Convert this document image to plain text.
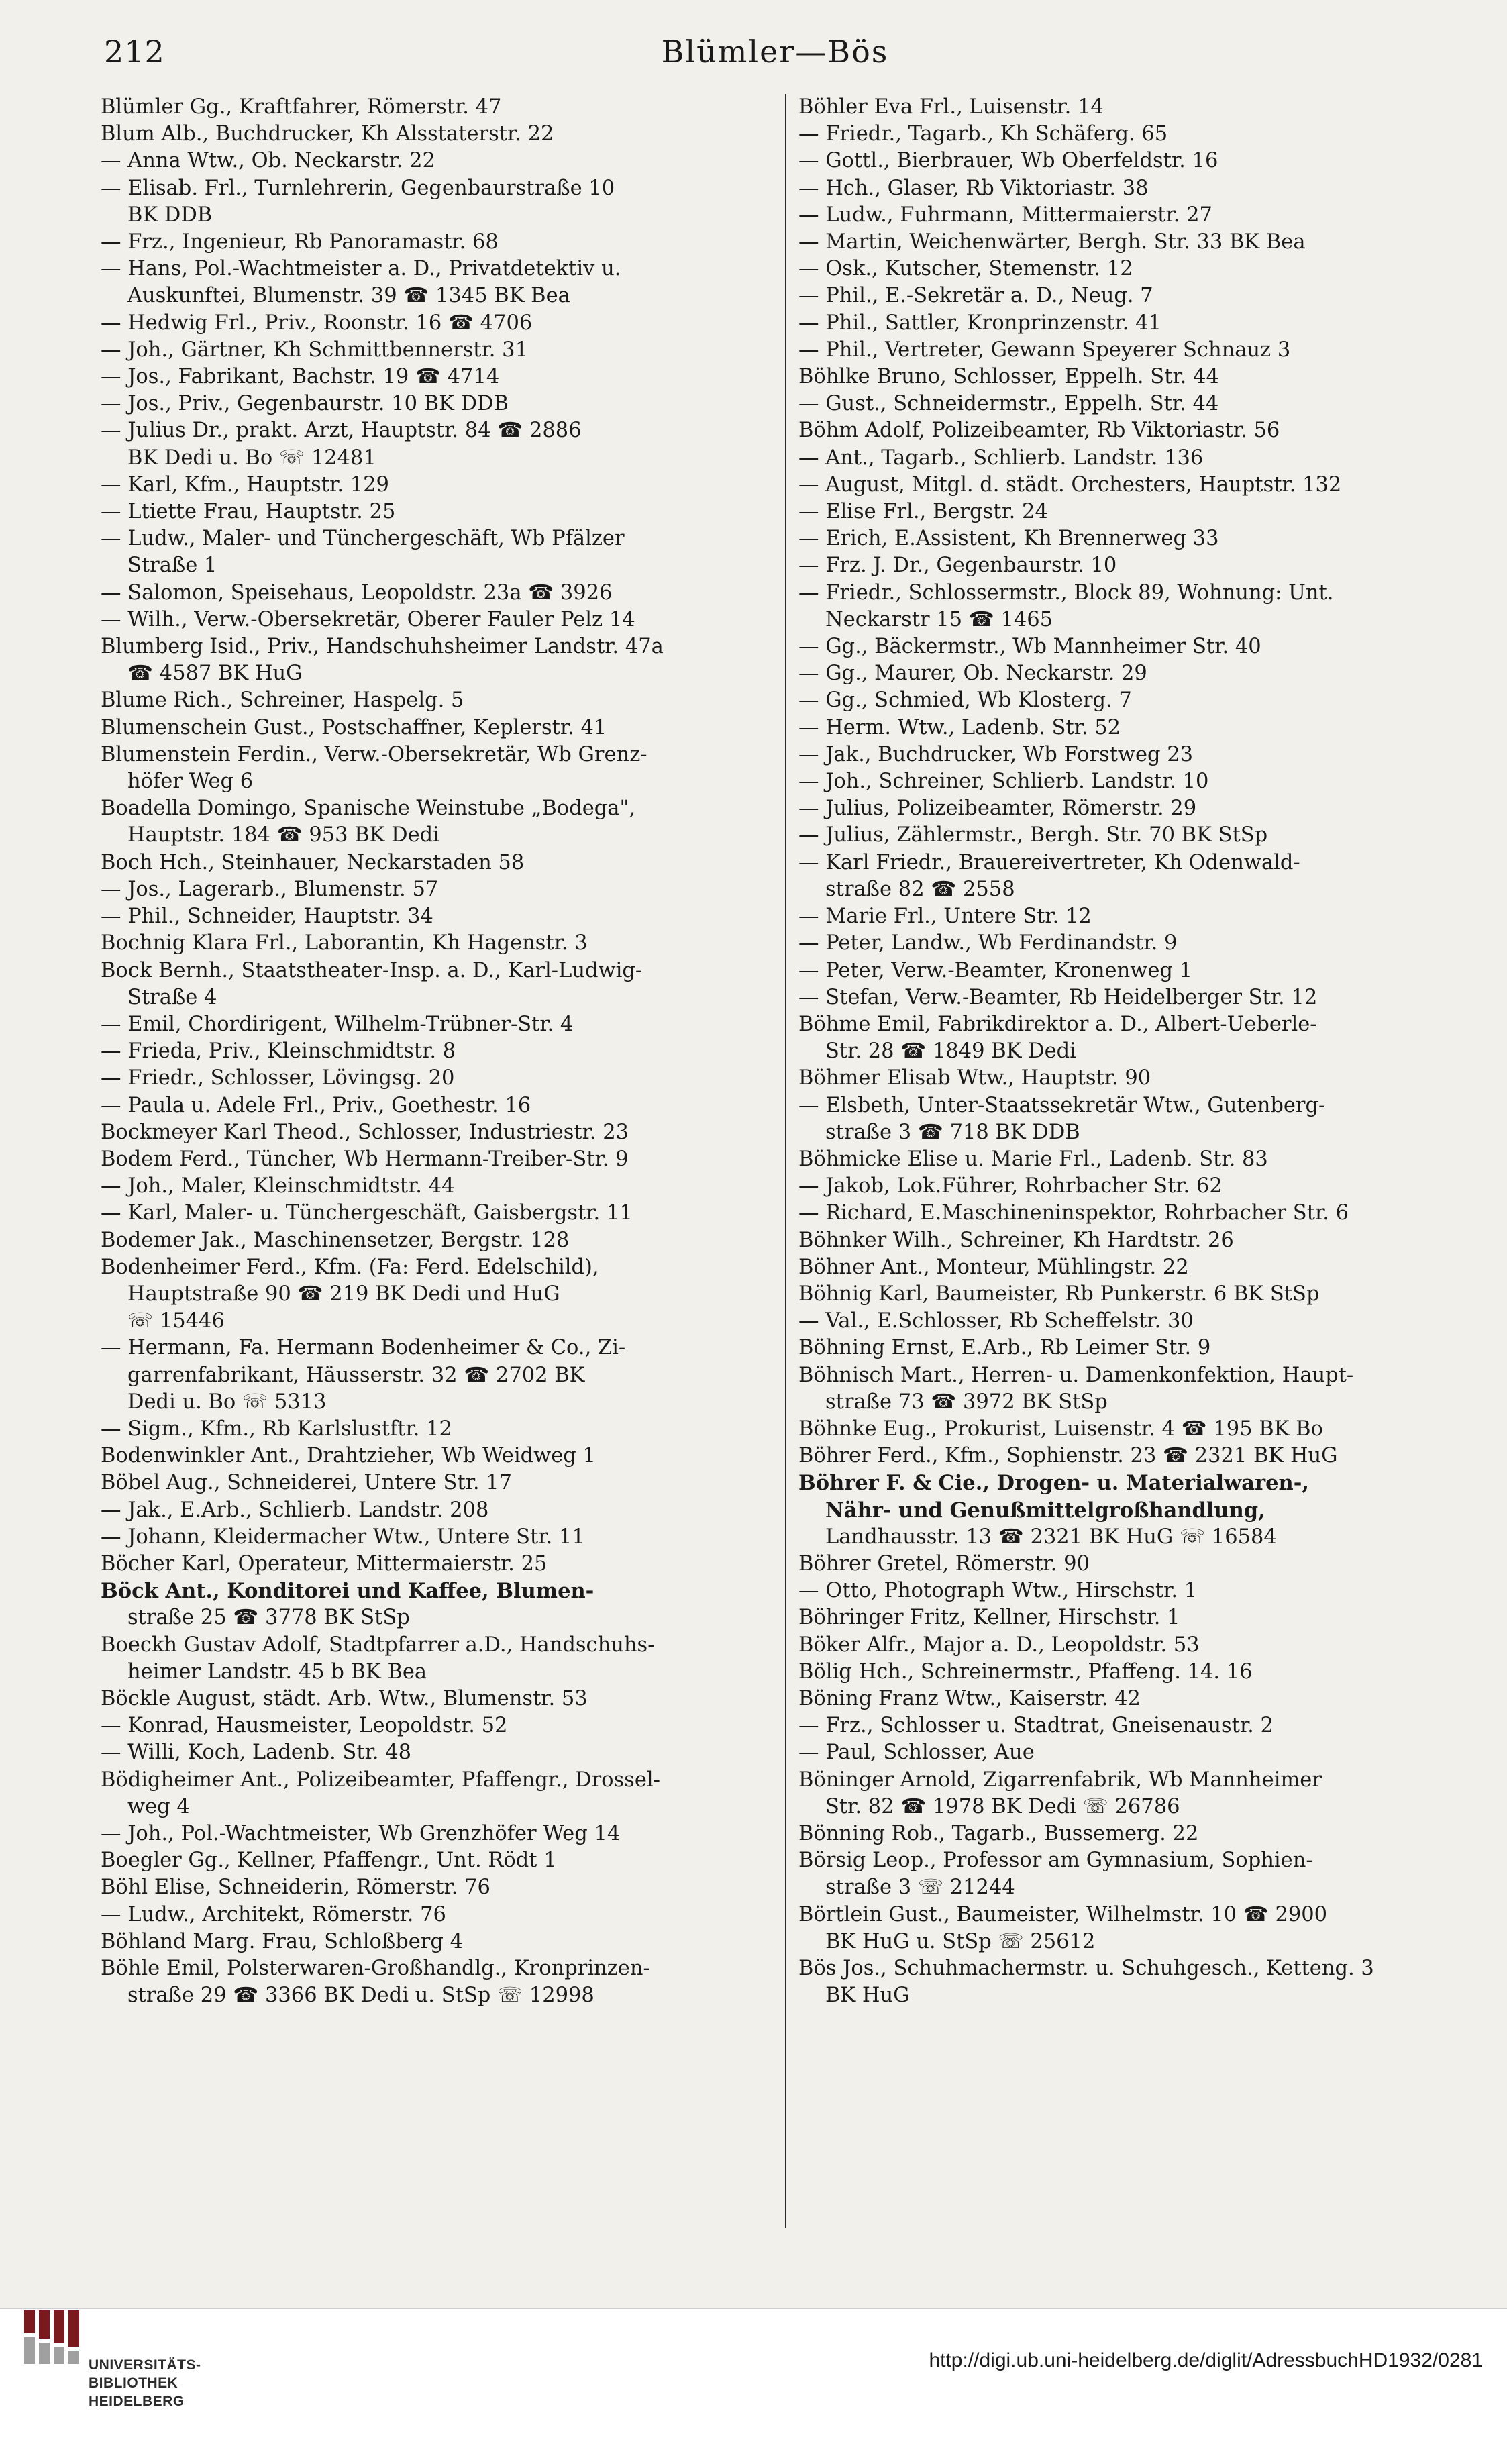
212	Blümler—Bös
Blümler Gg., Kraftfahrer, Römerstr. 47
Blum Alb., Buchdrucker, Kh Alsstaterstr. 22
— Anna Wtw., Ob. Neckarstr. 22
— Elisab. Frl., Turnlehrerin, Gegenbaurstraße 10
BK DDB
— Frz., Ingenieur, Rb Panoramastr. 68
— Hans, Pol.-Wachtmeister a. D., Privatdetektiv u.
Auskunftei, Blumenstr. 39 ☎ 1345 BK Bea
— Hedwig Frl., Priv., Roonstr. 16 ☎ 4706
— Joh., Gärtner, Kh Schmittbennerstr. 31
— Jos., Fabrikant, Bachstr. 19 ☎ 4714
— Jos., Priv., Gegenbaurstr. 10 BK DDB
— Julius Dr., prakt. Arzt, Hauptstr. 84 ☎ 2886
BK Dedi u. Bo ☏ 12481
— Karl, Kfm., Hauptstr. 129
— Ltiette Frau, Hauptstr. 25
— Ludw., Maler- und Tünchergeschäft, Wb Pfälzer
Straße 1
— Salomon, Speisehaus, Leopoldstr. 23a ☎ 3926
— Wilh., Verw.-Obersekretär, Oberer Fauler Pelz 14
Blumberg Isid., Priv., Handschuhsheimer Landstr. 47a
☎ 4587 BK HuG
Blume Rich., Schreiner, Haspelg. 5
Blumenschein Gust., Postschaffner, Keplerstr. 41
Blumenstein Ferdin., Verw.-Obersekretär, Wb Grenz-
höfer Weg 6
Boadella Domingo, Spanische Weinstube „Bodega",
Hauptstr. 184 ☎ 953 BK Dedi
Boch Hch., Steinhauer, Neckarstaden 58
— Jos., Lagerarb., Blumenstr. 57
— Phil., Schneider, Hauptstr. 34
Bochnig Klara Frl., Laborantin, Kh Hagenstr. 3
Bock Bernh., Staatstheater-Insp. a. D., Karl-Ludwig-
Straße 4
— Emil, Chordirigent, Wilhelm-Trübner-Str. 4
— Frieda, Priv., Kleinschmidtstr. 8
— Friedr., Schlosser, Lövingsg. 20
— Paula u. Adele Frl., Priv., Goethestr. 16
Bockmeyer Karl Theod., Schlosser, Industriestr. 23
Bodem Ferd., Tüncher, Wb Hermann-Treiber-Str. 9
— Joh., Maler, Kleinschmidtstr. 44
— Karl, Maler- u. Tünchergeschäft, Gaisbergstr. 11
Bodemer Jak., Maschinensetzer, Bergstr. 128
Bodenheimer Ferd., Kfm. (Fa: Ferd. Edelschild),
Hauptstraße 90 ☎ 219 BK Dedi und HuG
☏ 15446
— Hermann, Fa. Hermann Bodenheimer & Co., Zi-
garrenfabrikant, Häusserstr. 32 ☎ 2702 BK
Dedi u. Bo ☏ 5313
— Sigm., Kfm., Rb Karlslustftr. 12
Bodenwinkler Ant., Drahtzieher, Wb Weidweg 1
Böbel Aug., Schneiderei, Untere Str. 17
— Jak., E.Arb., Schlierb. Landstr. 208
— Johann, Kleidermacher Wtw., Untere Str. 11
Böcher Karl, Operateur, Mittermaierstr. 25
Böck Ant., Konditorei und Kaffee, Blumen-
straße 25 ☎ 3778 BK StSp
Boeckh Gustav Adolf, Stadtpfarrer a.D., Handschuhs-
heimer Landstr. 45 b BK Bea
Böckle August, städt. Arb. Wtw., Blumenstr. 53
— Konrad, Hausmeister, Leopoldstr. 52
— Willi, Koch, Ladenb. Str. 48
Bödigheimer Ant., Polizeibeamter, Pfaffengr., Drossel-
weg 4
— Joh., Pol.-Wachtmeister, Wb Grenzhöfer Weg 14
Boegler Gg., Kellner, Pfaffengr., Unt. Rödt 1
Böhl Elise, Schneiderin, Römerstr. 76
— Ludw., Architekt, Römerstr. 76
Böhland Marg. Frau, Schloßberg 4
Böhle Emil, Polsterwaren-Großhandlg., Kronprinzen-
straße 29 ☎ 3366 BK Dedi u. StSp ☏ 12998
Böhler Eva Frl., Luisenstr. 14
— Friedr., Tagarb., Kh Schäferg. 65
— Gottl., Bierbrauer, Wb Oberfeldstr. 16
— Hch., Glaser, Rb Viktoriastr. 38
— Ludw., Fuhrmann, Mittermaierstr. 27
— Martin, Weichenwärter, Bergh. Str. 33 BK Bea
— Osk., Kutscher, Stemenstr. 12
— Phil., E.-Sekretär a. D., Neug. 7
— Phil., Sattler, Kronprinzenstr. 41
— Phil., Vertreter, Gewann Speyerer Schnauz 3
Böhlke Bruno, Schlosser, Eppelh. Str. 44
— Gust., Schneidermstr., Eppelh. Str. 44
Böhm Adolf, Polizeibeamter, Rb Viktoriastr. 56
— Ant., Tagarb., Schlierb. Landstr. 136
— August, Mitgl. d. städt. Orchesters, Hauptstr. 132
— Elise Frl., Bergstr. 24
— Erich, E.Assistent, Kh Brennerweg 33
— Frz. J. Dr., Gegenbaurstr. 10
— Friedr., Schlossermstr., Block 89, Wohnung: Unt.
Neckarstr 15 ☎ 1465
— Gg., Bäckermstr., Wb Mannheimer Str. 40
— Gg., Maurer, Ob. Neckarstr. 29
— Gg., Schmied, Wb Klosterg. 7
— Herm. Wtw., Ladenb. Str. 52
— Jak., Buchdrucker, Wb Forstweg 23
— Joh., Schreiner, Schlierb. Landstr. 10
— Julius, Polizeibeamter, Römerstr. 29
— Julius, Zählermstr., Bergh. Str. 70 BK StSp
— Karl Friedr., Brauereivertreter, Kh Odenwald-
straße 82 ☎ 2558
— Marie Frl., Untere Str. 12
— Peter, Landw., Wb Ferdinandstr. 9
— Peter, Verw.-Beamter, Kronenweg 1
— Stefan, Verw.-Beamter, Rb Heidelberger Str. 12
Böhme Emil, Fabrikdirektor a. D., Albert-Ueberle-
Str. 28 ☎ 1849 BK Dedi
Böhmer Elisab Wtw., Hauptstr. 90
— Elsbeth, Unter-Staatssekretär Wtw., Gutenberg-
straße 3 ☎ 718 BK DDB
Böhmicke Elise u. Marie Frl., Ladenb. Str. 83
— Jakob, Lok.Führer, Rohrbacher Str. 62
— Richard, E.Maschineninspektor, Rohrbacher Str. 6
Böhnker Wilh., Schreiner, Kh Hardtstr. 26
Böhner Ant., Monteur, Mühlingstr. 22
Böhnig Karl, Baumeister, Rb Punkerstr. 6 BK StSp
— Val., E.Schlosser, Rb Scheffelstr. 30
Böhning Ernst, E.Arb., Rb Leimer Str. 9
Böhnisch Mart., Herren- u. Damenkonfektion, Haupt-
straße 73 ☎ 3972 BK StSp
Böhnke Eug., Prokurist, Luisenstr. 4 ☎ 195 BK Bo
Böhrer Ferd., Kfm., Sophienstr. 23 ☎ 2321 BK HuG
Böhrer F. & Cie., Drogen- u. Materialwaren-,
Nähr- und Genußmittelgroßhandlung,
Landhausstr. 13 ☎ 2321 BK HuG ☏ 16584
Böhrer Gretel, Römerstr. 90
— Otto, Photograph Wtw., Hirschstr. 1
Böhringer Fritz, Kellner, Hirschstr. 1
Böker Alfr., Major a. D., Leopoldstr. 53
Bölig Hch., Schreinermstr., Pfaffeng. 14. 16
Böning Franz Wtw., Kaiserstr. 42
— Frz., Schlosser u. Stadtrat, Gneisenaustr. 2
— Paul, Schlosser, Aue
Böninger Arnold, Zigarrenfabrik, Wb Mannheimer
Str. 82 ☎ 1978 BK Dedi ☏ 26786
Bönning Rob., Tagarb., Bussemerg. 22
Börsig Leop., Professor am Gymnasium, Sophien-
straße 3 ☏ 21244
Börtlein Gust., Baumeister, Wilhelmstr. 10 ☎ 2900
BK HuG u. StSp ☏ 25612
Bös Jos., Schuhmachermstr. u. Schuhgesch., Ketteng. 3
BK HuG
UNIVERSITÄTS-
BIBLIOTHEK
HEIDELBERG
http://digi.ub.uni-heidelberg.de/diglit/AdressbuchHD1932/0281
